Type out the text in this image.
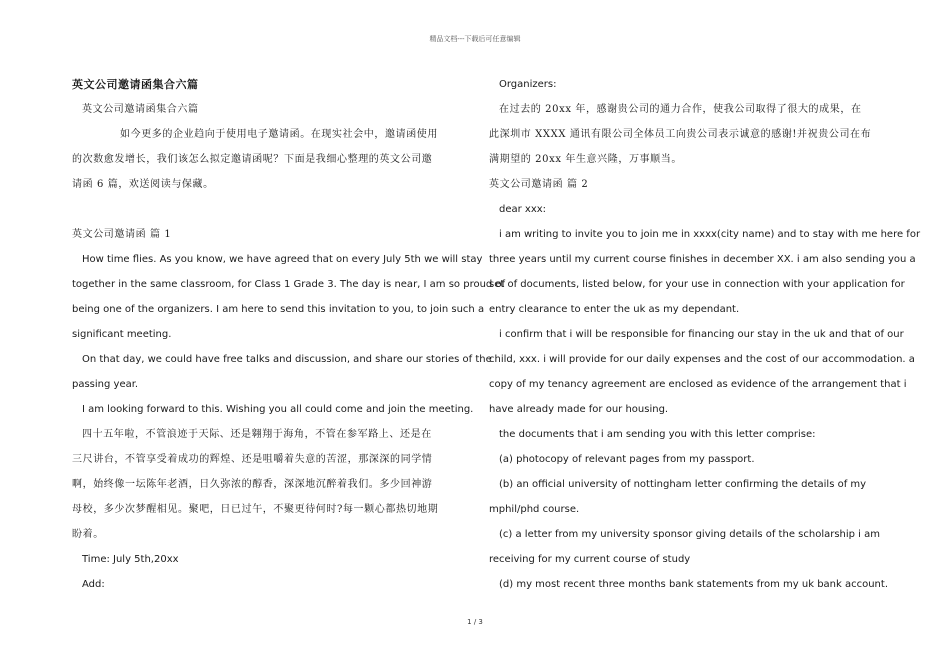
精品文档---下载后可任意编辑

英文公司邀请函集合六篇

英文公司邀请函集合六篇

如今更多的企业趋向于使用电子邀请函。在现实社会中，邀请函使用

的次数愈发增长，我们该怎么拟定邀请函呢？下面是我细心整理的英文公司邀

请函 6 篇，欢送阅读与保藏。

英文公司邀请函 篇 1

How time flies. As you know, we have agreed that on every July 5th we will stay

together in the same classroom, for Class 1 Grade 3. The day is near, I am so proud of

being one of the organizers. I am here to send this invitation to you, to join such a

significant meeting.

On that day, we could have free talks and discussion, and share our stories of the

passing year.

I am looking forward to this. Wishing you all could come and join the meeting.

四十五年啦，不管浪迹于天际、还是翱翔于海角，不管在参军路上、还是在

三尺讲台，不管享受着成功的辉煌、还是咀嚼着失意的苦涩，那深深的同学情

啊，始终像一坛陈年老酒，日久弥浓的醇香，深深地沉醉着我们。多少回神游

母校，多少次梦醒相见。聚吧，日已过午，不聚更待何时?每一颗心都热切地期

盼着。

Time: July 5th,20xx

Add:

Organizers:

在过去的 20xx 年，感谢贵公司的通力合作，使我公司取得了很大的成果，在

此深圳市 XXXX 通讯有限公司全体员工向贵公司表示诚意的感谢!并祝贵公司在布

满期望的 20xx 年生意兴隆，万事顺当。

英文公司邀请函 篇 2

dear xxx:

i am writing to invite you to join me in xxxx(city name) and to stay with me here for

three years until my current course finishes in december XX. i am also sending you a

set of documents, listed below, for your use in connection with your application for

entry clearance to enter the uk as my dependant.

i confirm that i will be responsible for financing our stay in the uk and that of our

child, xxx. i will provide for our daily expenses and the cost of our accommodation. a

copy of my tenancy agreement are enclosed as evidence of the arrangement that i

have already made for our housing.

the documents that i am sending you with this letter comprise:

(a) photocopy of relevant pages from my passport.

(b) an official university of nottingham letter confirming the details of my

mphil/phd course.

(c) a letter from my university sponsor giving details of the scholarship i am

receiving for my current course of study

(d) my most recent three months bank statements from my uk bank account.

1 / 3
